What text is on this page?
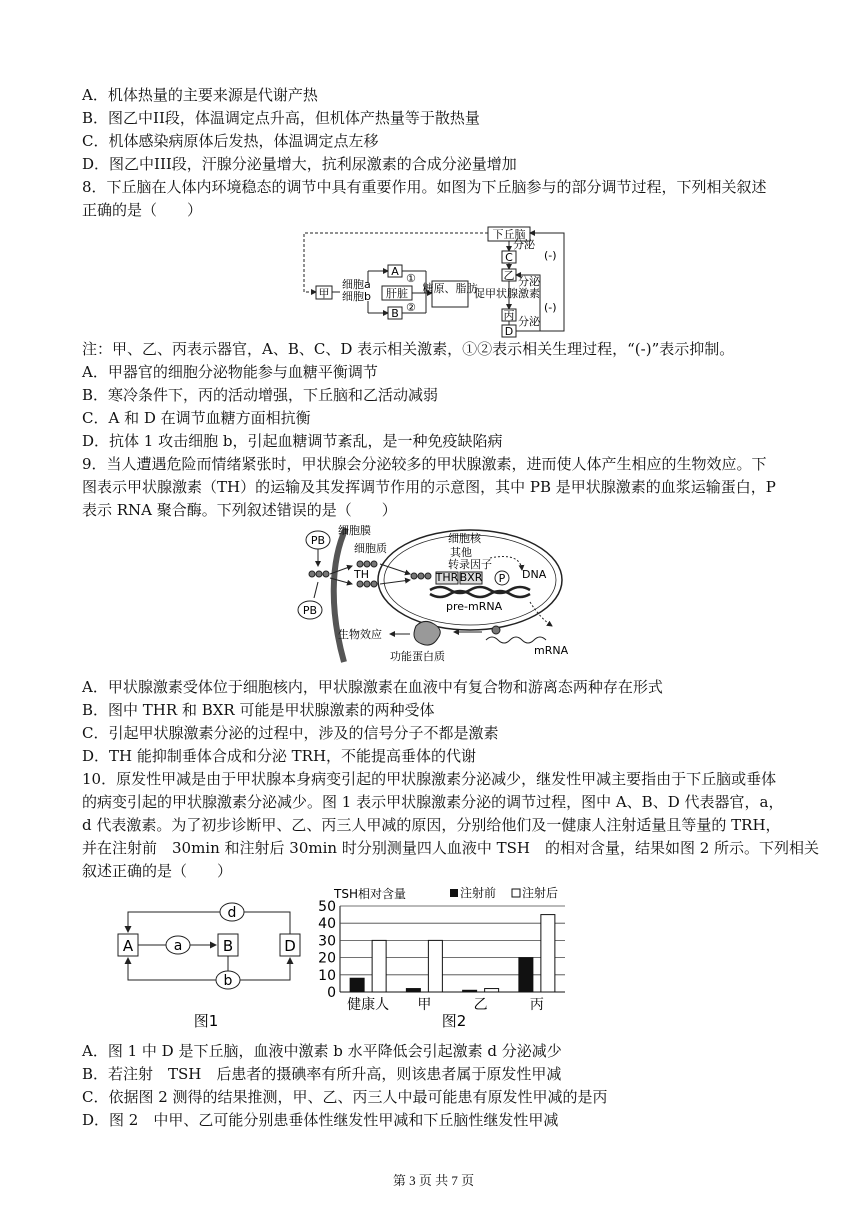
A．机体热量的主要来源是代谢产热
B．图乙中II段，体温调定点升高，但机体产热量等于散热量
C．机体感染病原体后发热，体温调定点左移
D．图乙中III段，汗腺分泌量增大，抗利尿激素的合成分泌量增加
8．下丘脑在人体内环境稳态的调节中具有重要作用。如图为下丘脑参与的部分调节过程，下列相关叙述
正确的是（　　）
下丘脑
分泌
C
乙 分泌
促甲状腺激素
丙 分泌
D
(-)
(-)
甲
细胞a
细胞b
A
B
肝脏
①
②
糖原、脂肪
注：甲、乙、丙表示器官，A、B、C、D 表示相关激素，①②表示相关生理过程，“(-)”表示抑制。
A．甲器官的细胞分泌物能参与血糖平衡调节
B．寒冷条件下，丙的活动增强，下丘脑和乙活动减弱
C．A 和 D 在调节血糖方面相抗衡
D．抗体 1 攻击细胞 b，引起血糖调节紊乱，是一种免疫缺陷病
9．当人遭遇危险而情绪紧张时，甲状腺会分泌较多的甲状腺激素，进而使人体产生相应的生物效应。下
图表示甲状腺激素（TH）的运输及其发挥调节作用的示意图，其中 PB 是甲状腺激素的血浆运输蛋白，P
表示 RNA 聚合酶。下列叙述错误的是（　　）
细胞膜
细胞质
PB
PB
TH
细胞核
其他
转录因子
THR BXR P DNA
pre-mRNA
mRNA
功能蛋白质
生物效应
A．甲状腺激素受体位于细胞核内，甲状腺激素在血液中有复合物和游离态两种存在形式
B．图中 THR 和 BXR 可能是甲状腺激素的两种受体
C．引起甲状腺激素分泌的过程中，涉及的信号分子不都是激素
D．TH 能抑制垂体合成和分泌 TRH，不能提高垂体的代谢
10．原发性甲减是由于甲状腺本身病变引起的甲状腺激素分泌减少，继发性甲减主要指由于下丘脑或垂体
的病变引起的甲状腺激素分泌减少。图 1 表示甲状腺激素分泌的调节过程，图中 A、B、D 代表器官，a，
d 代表激素。为了初步诊断甲、乙、丙三人甲减的原因，分别给他们及一健康人注射适量且等量的 TRH，
并在注射前　30min 和注射后 30min 时分别测量四人血液中 TSH　的相对含量，结果如图 2 所示。下列相关
叙述正确的是（　　）
A	B	D
a
d
b
图1
TSH相对含量	注射前 注射后
0
10
20
30
40
50
健康人 甲	乙	丙
图2
A．图 1 中 D 是下丘脑，血液中激素 b 水平降低会引起激素 d 分泌减少
B．若注射　TSH　后患者的摄碘率有所升高，则该患者属于原发性甲减
C．依据图 2 测得的结果推测，甲、乙、丙三人中最可能患有原发性甲减的是丙
D．图 2　中甲、乙可能分别患垂体性继发性甲减和下丘脑性继发性甲减
第 3 页 共 7 页
